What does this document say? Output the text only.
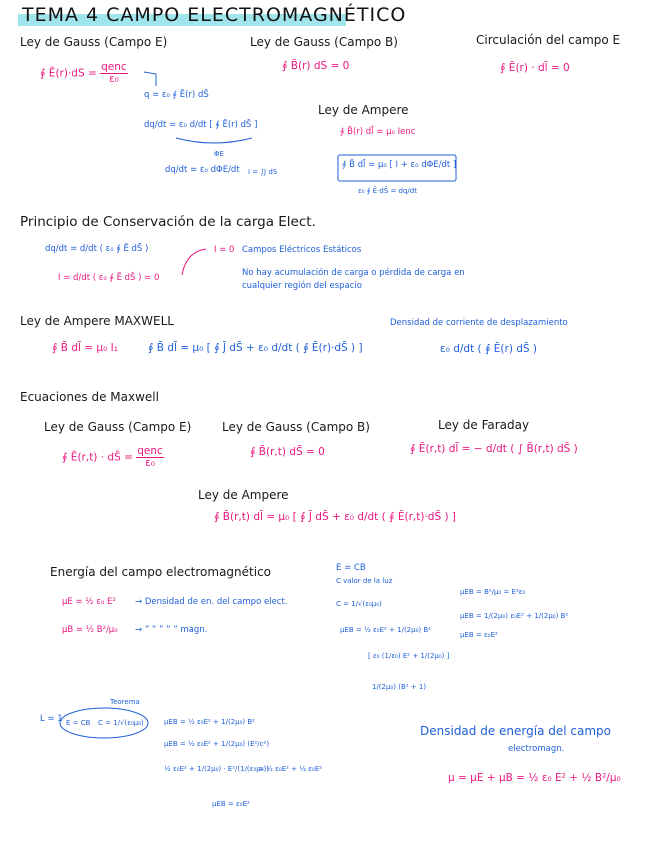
TEMA 4 CAMPO ELECTROMAGNÉTICO
Ley de Gauss (Campo E)	Ley de Gauss (Campo B)	Circulación del campo E
∮ Ē(r)·dS = $\frac{\text{qenc}}{\text{ε₀}}$	∮ B̄(r) dS = 0	∮ Ē(r) · dl̄ = 0
q = ε₀ ∮ Ē(r) dS̄
dq/dt = ε₀ d/dt [ ∮ Ē(r) dS̄ ]
ΦE
dq/dt = ε₀ dΦE/dt I = ∫J dS
Ley de Ampere
∮ B̄(r) dl̄ = μ₀ Ienc
∮ B̄ dl̄ = μ₀ [ I + ε₀ dΦE/dt ]
ε₀ ∮ Ē·dS̄ = dq/dt
Principio de Conservación de la carga Elect.
dq/dt = d/dt ( ε₀ ∮ Ē dS̄ )
I = d/dt ( ε₀ ∮ Ē dS̄ ) = 0
I = 0 Campos Eléctricos Estáticos
No hay acumulación de carga o pérdida de carga en
cualquier región del espacio
Ley de Ampere MAXWELL
∮ B̄ dl̄ = μ₀ I₁	∮ B̄ dl̄ = μ₀ [ ∮ J̄ dS̄ + ε₀ d/dt ( ∮ Ē(r)·dS̄ ) ]
Densidad de corriente de desplazamiento
ε₀ d/dt ( ∮ Ē(r) dS̄ )
Ecuaciones de Maxwell
Ley de Gauss (Campo E)	Ley de Gauss (Campo B)	Ley de Faraday
∮ Ē(r,t) · dS̄ = $\frac{\text{qenc}}{\text{ε₀}}$	∮ B̄(r,t) dS̄ = 0	∮ Ē(r,t) dl̄ = − d/dt ( ∫ B̄(r,t) dS̄ )
Ley de Ampere
∮ B̄(r,t) dl̄ = μ₀ [ ∮ J̄ dS̄ + ε₀ d/dt ( ∮ Ē(r,t)·dS̄ ) ]
Energía del campo electromagnético
μE = ½ ε₀ E² → Densidad de en. del campo elect.
μB = ½ B²/μ₀ → ” ” ” ” ” magn.
E = CB
C valor de la luz
C = 1/√(ε₀μ₀)
μEB = ½ ε₀E² + 1/(2μ₀) B²
[ ε₀ (1/ε₀) E² + 1/(2μ₀) ]
1/(2μ₀) (B² + 1)
μEB = B²/μ₀ = E²ε₀
μEB = 1/(2μ₀) ε₀E² + 1/(2μ₀) B²
μEB = ε₀E²
L = 1
Teorema
E = CB C = 1/√(ε₀μ₀)	μEB = ½ ε₀E² + 1/(2μ₀) B²
μEB = ½ ε₀E² + 1/(2μ₀) (E²/c²)
½ ε₀E² + 1/(2μ₀) · E²/(1/(ε₀μ₀))
= ½ ε₀E² + ½ ε₀E²
μEB = ε₀E²
Densidad de energía del campo
electromagn.
μ = μE + μB = ½ ε₀ E² + ½ B²/μ₀
